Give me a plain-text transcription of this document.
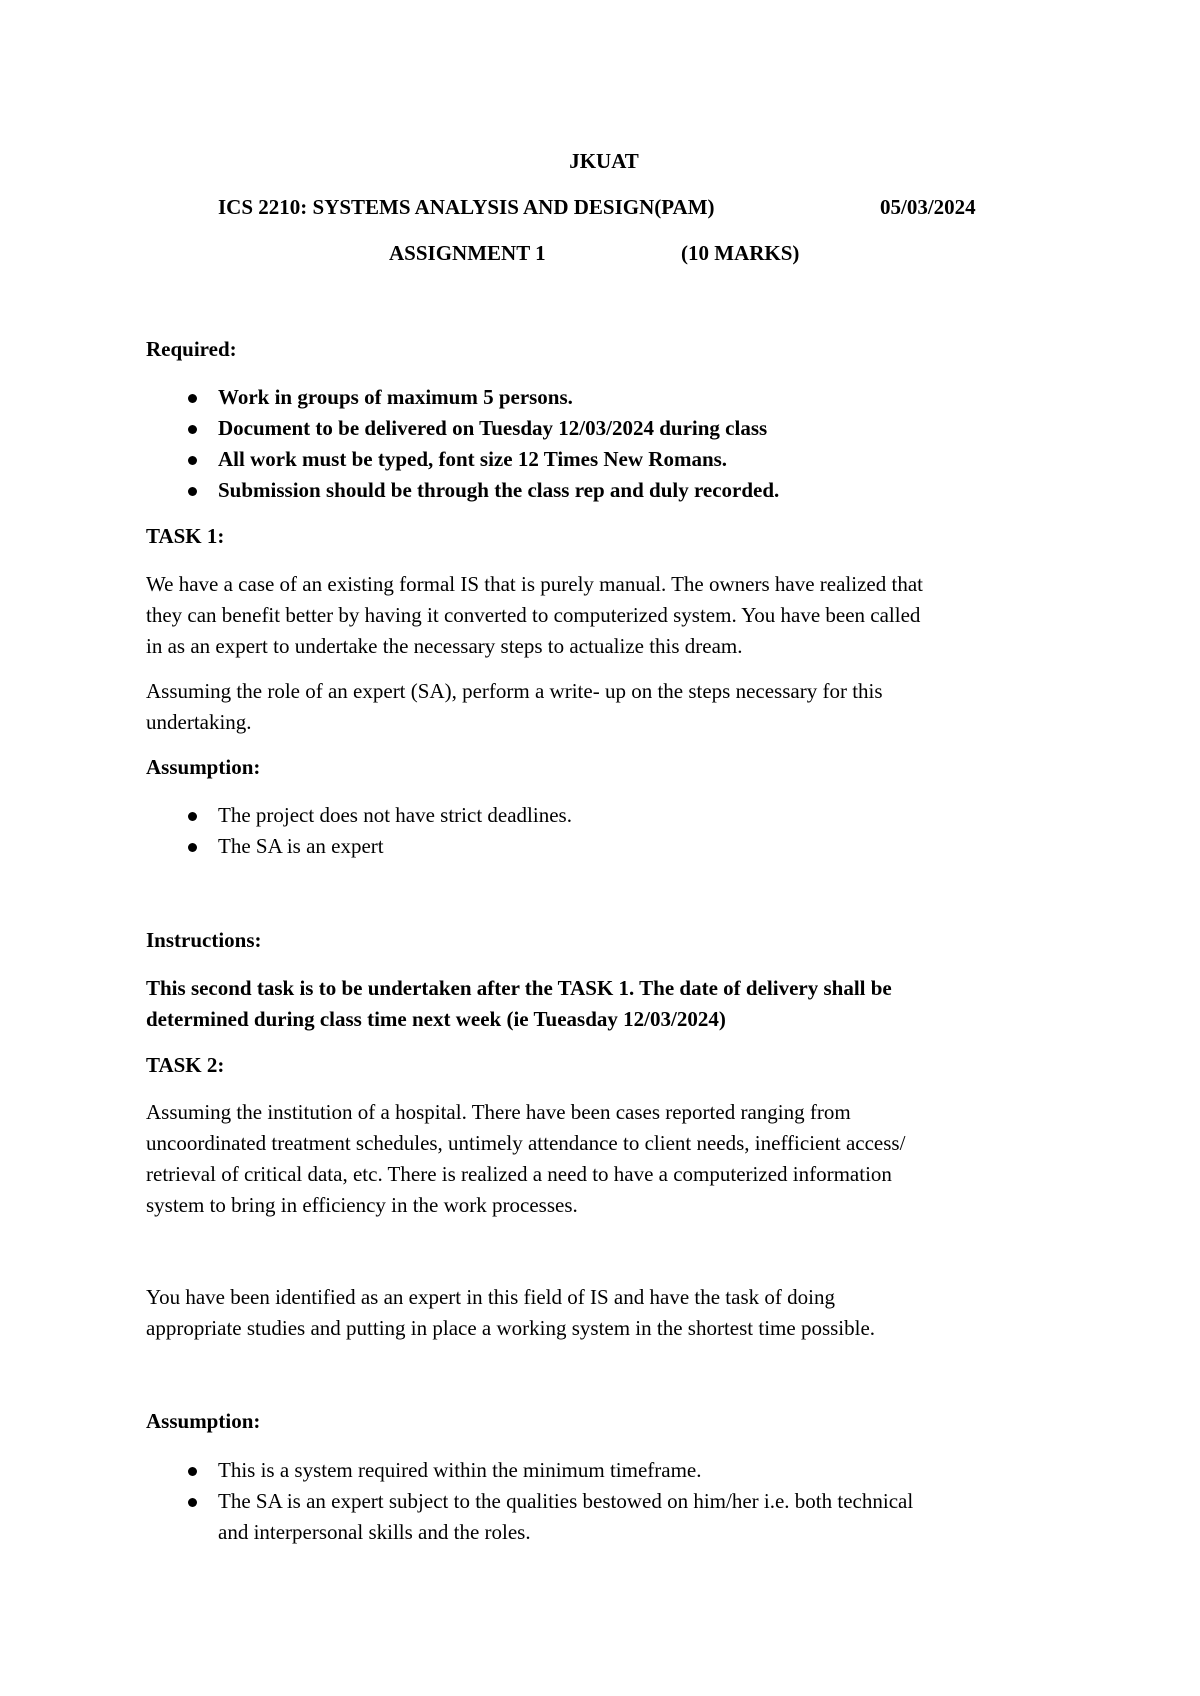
JKUAT
ICS 2210: SYSTEMS ANALYSIS AND DESIGN(PAM)	05/03/2024
ASSIGNMENT 1	(10 MARKS)
Required:
Work in groups of maximum 5 persons.
Document to be delivered on Tuesday 12/03/2024 during class
All work must be typed, font size 12 Times New Romans.
Submission should be through the class rep and duly recorded.
TASK 1:
We have a case of an existing formal IS that is purely manual. The owners have realized that
they can benefit better by having it converted to computerized system. You have been called
in as an expert to undertake the necessary steps to actualize this dream.
Assuming the role of an expert (SA), perform a write- up on the steps necessary for this
undertaking.
Assumption:
The project does not have strict deadlines.
The SA is an expert
Instructions:
This second task is to be undertaken after the TASK 1. The date of delivery shall be
determined during class time next week (ie Tueasday 12/03/2024)
TASK 2:
Assuming the institution of a hospital. There have been cases reported ranging from
uncoordinated treatment schedules, untimely attendance to client needs, inefficient access/
retrieval of critical data, etc. There is realized a need to have a computerized information
system to bring in efficiency in the work processes.
You have been identified as an expert in this field of IS and have the task of doing
appropriate studies and putting in place a working system in the shortest time possible.
Assumption:
This is a system required within the minimum timeframe.
The SA is an expert subject to the qualities bestowed on him/her i.e. both technical
and interpersonal skills and the roles.
